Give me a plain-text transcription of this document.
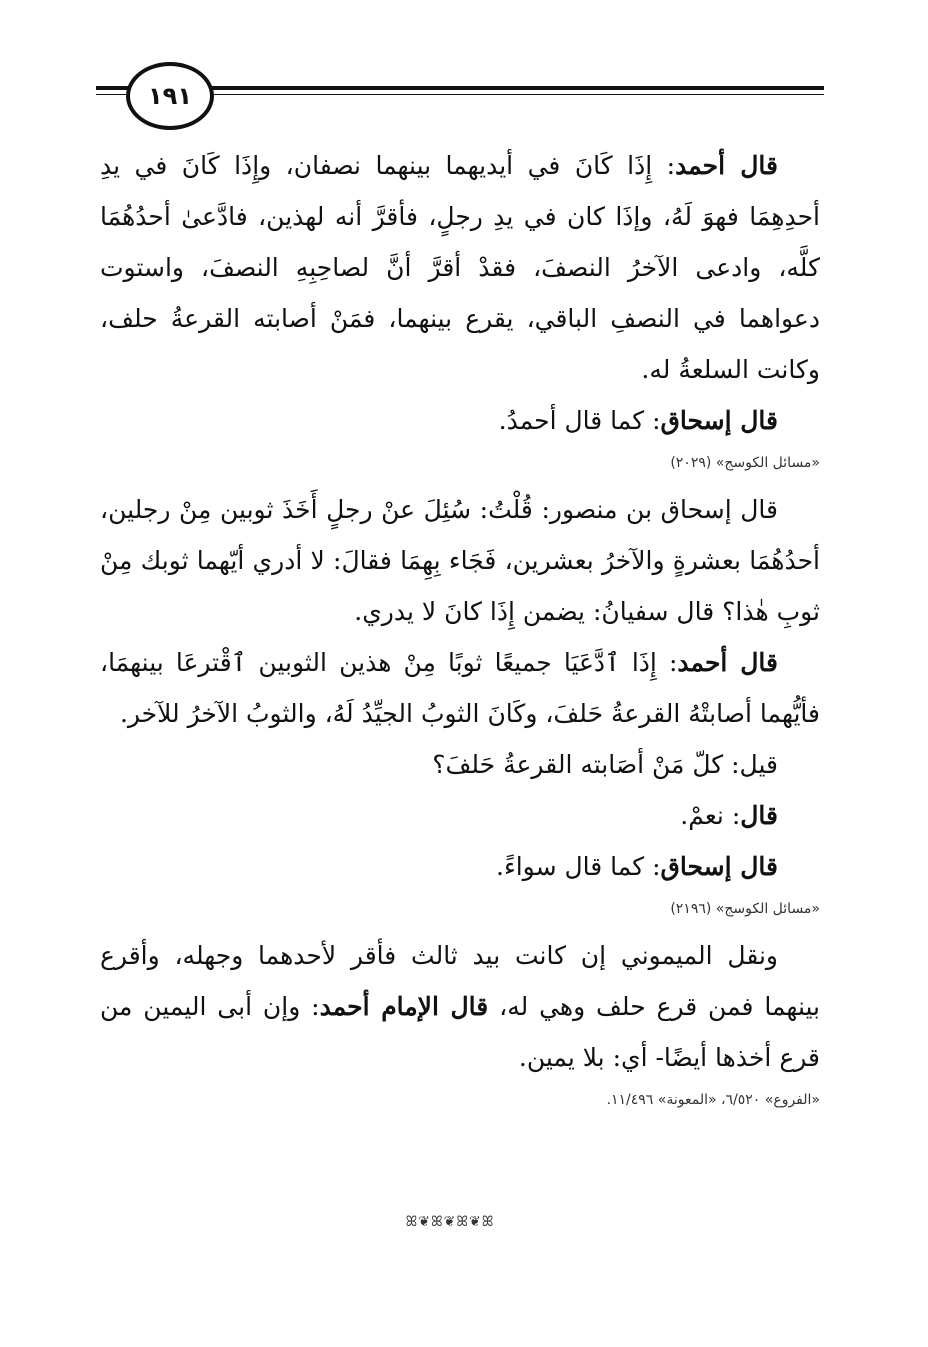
١٩١

قال أحمد: إِذَا كَانَ في أيديهما بينهما نصفان، وإِذَا كَانَ في يدِ أحدِهِمَا فهوَ لَهُ، وإذَا كان في يدِ رجلٍ، فأقرَّ أنه لهذين، فادَّعىٰ أحدُهُمَا كلَّه، وادعى الآخرُ النصفَ، فقدْ أقرَّ أنَّ لصاحِبِهِ النصفَ، واستوت دعواهما في النصفِ الباقي، يقرع بينهما، فمَنْ أصابته القرعةُ حلف، وكانت السلعةُ له.

قال إسحاق: كما قال أحمدُ.

«مسائل الكوسج» (٢٠٢٩)

قال إسحاق بن منصور: قُلْتُ: سُئِلَ عنْ رجلٍ أَخَذَ ثوبين مِنْ رجلين، أحدُهُمَا بعشرةٍ والآخرُ بعشرين، فَجَاء بِهِمَا فقالَ: لا أدري أيّهما ثوبك مِنْ ثوبِ هٰذا؟ قال سفيانُ: يضمن إِذَا كانَ لا يدري.

قال أحمد: إِذَا ٱدَّعَيَا جميعًا ثوبًا مِنْ هذين الثوبين ٱقْترعَا بينهمَا، فأيُّهما أصابتْهُ القرعةُ حَلفَ، وكَانَ الثوبُ الجيِّدُ لَهُ، والثوبُ الآخرُ للآخر.

قيل: كلّ مَنْ أصَابته القرعةُ حَلفَ؟

قال: نعمْ.

قال إسحاق: كما قال سواءً.

«مسائل الكوسج» (٢١٩٦)

ونقل الميموني إن كانت بيد ثالث فأقر لأحدهما وجهله، وأقرع بينهما فمن قرع حلف وهي له، قال الإمام أحمد: وإن أبى اليمين من قرع أخذها أيضًا- أي: بلا يمين.

«الفروع» ٦/٥٢٠، «المعونة» ١١/٤٩٦.
ꕤ❦ꕤ❦ꕤ❦ꕤ
